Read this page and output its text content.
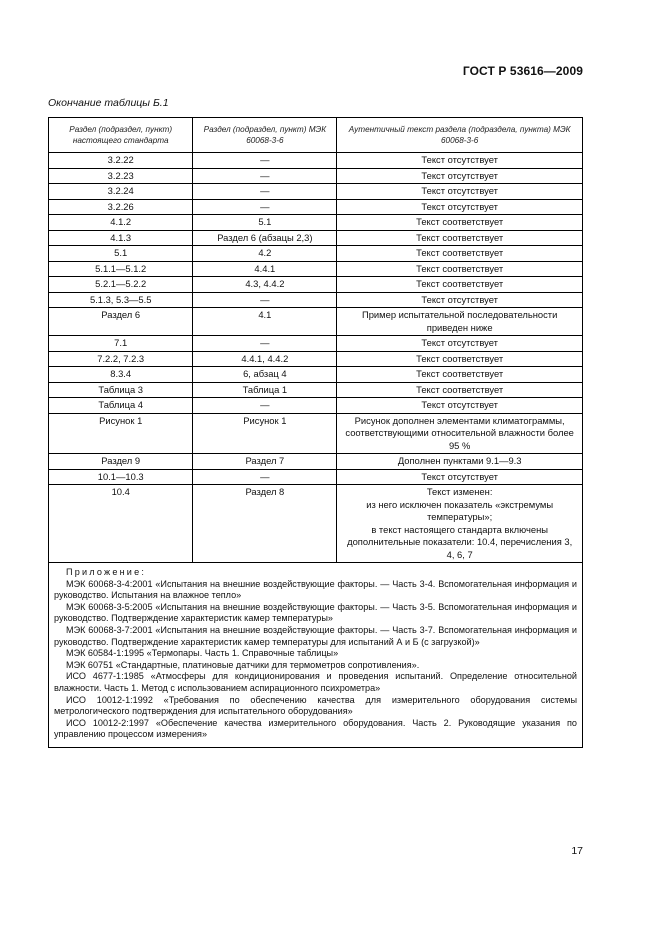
ГОСТ Р 53616—2009
Окончание таблицы Б.1
Раздел (подраздел, пункт) настоящего стандарта	Раздел (подраздел, пункт) МЭК 60068-3-6	Аутентичный текст раздела (подраздела, пункта) МЭК 60068-3-6
3.2.22	—	Текст отсутствует
3.2.23	—	Текст отсутствует
3.2.24	—	Текст отсутствует
3.2.26	—	Текст отсутствует
4.1.2	5.1	Текст соответствует
4.1.3	Раздел 6 (абзацы 2,3)	Текст соответствует
5.1	4.2	Текст соответствует
5.1.1—5.1.2	4.4.1	Текст соответствует
5.2.1—5.2.2	4.3, 4.4.2	Текст соответствует
5.1.3, 5.3—5.5	—	Текст отсутствует
Раздел 6	4.1	Пример испытательной последовательности приведен ниже
7.1	—	Текст отсутствует
7.2.2, 7.2.3	4.4.1, 4.4.2	Текст соответствует
8.3.4	6, абзац 4	Текст соответствует
Таблица 3	Таблица 1	Текст соответствует
Таблица 4	—	Текст отсутствует
Рисунок 1	Рисунок 1	Рисунок дополнен элементами климатограммы, соответствующими относительной влажности более 95 %
Раздел 9	Раздел 7	Дополнен пунктами 9.1—9.3
10.1—10.3	—	Текст отсутствует
10.4	Раздел 8	Текст изменен:
из него исключен показатель «экстремумы температуры»;
в текст настоящего стандарта включены дополнительные показатели: 10.4, перечисления 3, 4, 6, 7
Приложение:
МЭК 60068-3-4:2001 «Испытания на внешние воздействующие факторы. — Часть 3-4. Вспомогательная информация и руководство. Испытания на влажное тепло»
МЭК 60068-3-5:2005 «Испытания на внешние воздействующие факторы. — Часть 3-5. Вспомогательная информация и руководство. Подтверждение характеристик камер температуры»
МЭК 60068-3-7:2001 «Испытания на внешние воздействующие факторы. — Часть 3-7. Вспомогательная информация и руководство. Подтверждение характеристик камер температуры для испытаний А и Б (с загрузкой)»
МЭК 60584-1:1995 «Термопары. Часть 1. Справочные таблицы»
МЭК 60751 «Стандартные, платиновые датчики для термометров сопротивления».
ИСО 4677-1:1985 «Атмосферы для кондиционирования и проведения испытаний. Определение относительной влажности. Часть 1. Метод с использованием аспирационного психрометра»
ИСО 10012-1:1992 «Требования по обеспечению качества для измерительного оборудования системы метрологического подтверждения для испытательного оборудования»
ИСО 10012-2:1997 «Обеспечение качества измерительного оборудования. Часть 2. Руководящие указания по управлению процессом измерения»
17
